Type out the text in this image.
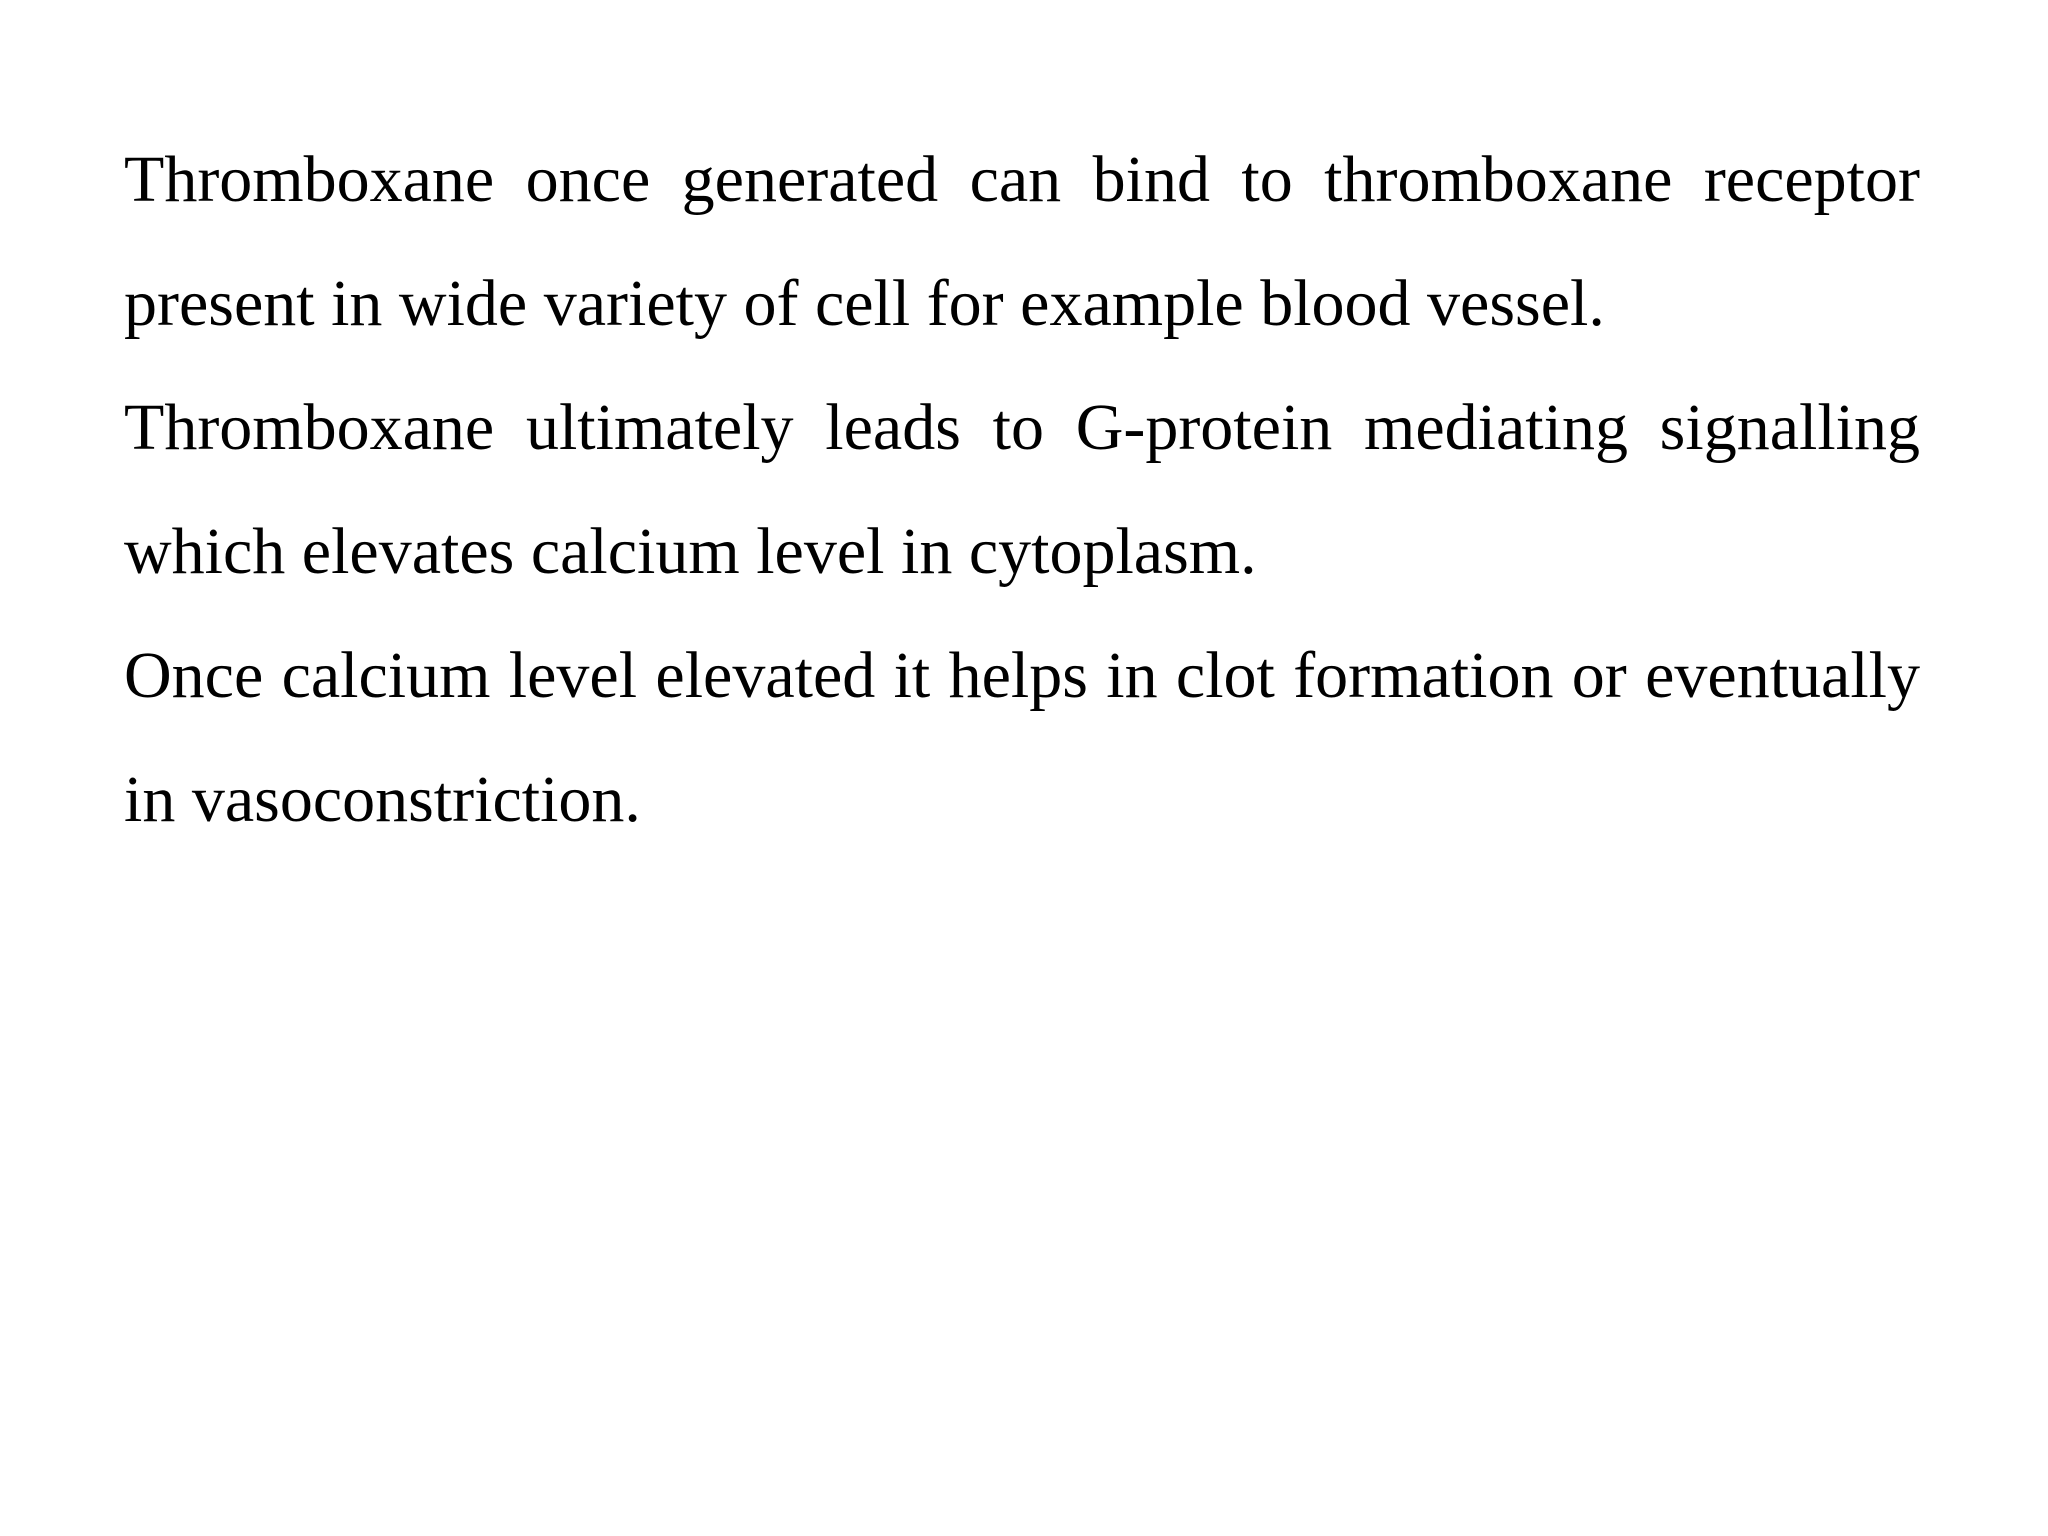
Thromboxane once generated can bind to thromboxane receptor present in wide variety of cell for example blood vessel.

Thromboxane ultimately leads to G-protein mediating signalling which elevates calcium level in cytoplasm.

Once calcium level elevated it helps in clot formation or eventually in vasoconstriction.
